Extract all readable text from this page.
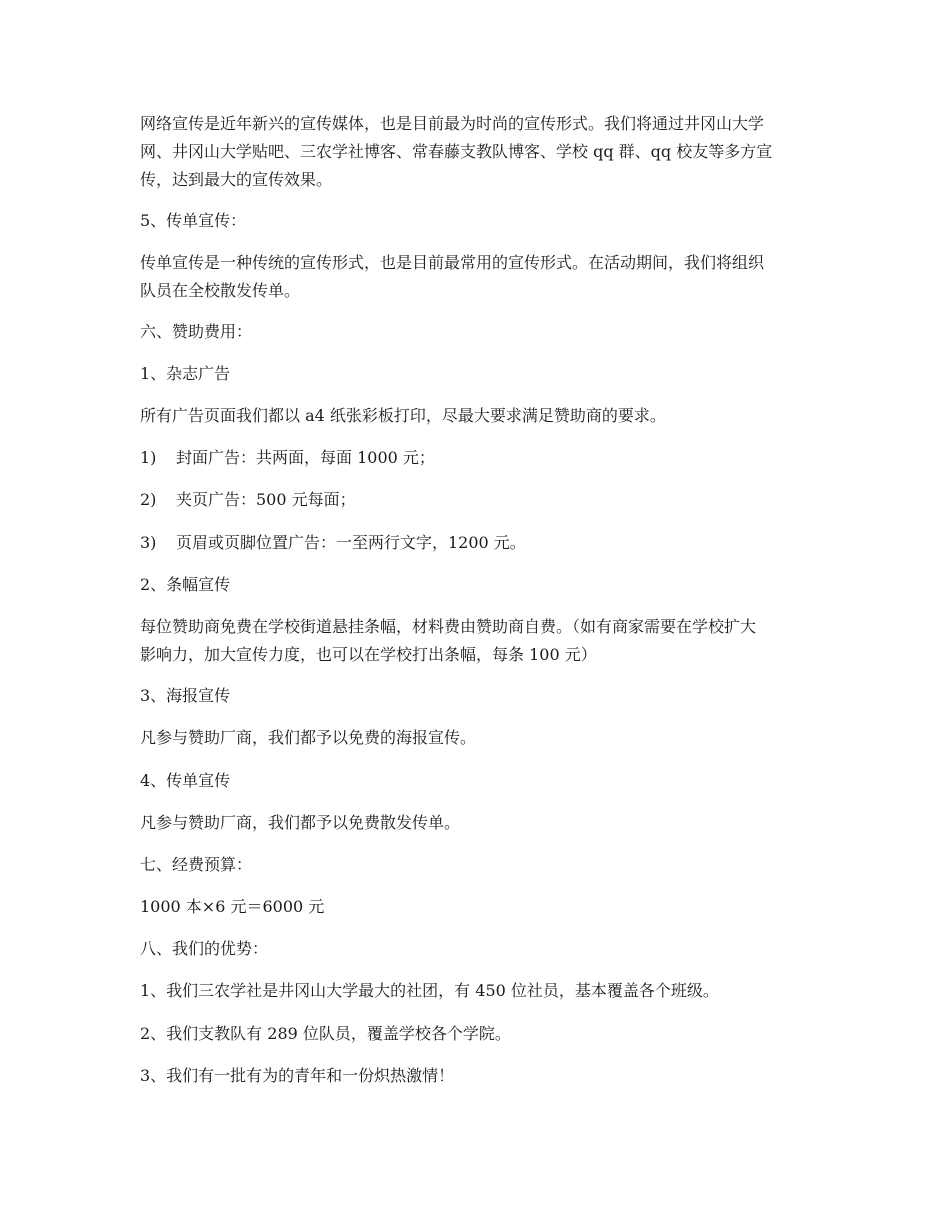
网络宣传是近年新兴的宣传媒体，也是目前最为时尚的宣传形式。我们将通过井冈山大学

网、井冈山大学贴吧、三农学社博客、常春藤支教队博客、学校 qq 群、qq 校友等多方宣

传，达到最大的宣传效果。

5、传单宣传：

传单宣传是一种传统的宣传形式，也是目前最常用的宣传形式。在活动期间，我们将组织

队员在全校散发传单。

六、赞助费用：

1、杂志广告

所有广告页面我们都以 a4 纸张彩板打印，尽最大要求满足赞助商的要求。

1) 封面广告：共两面，每面 1000 元；

2) 夹页广告：500 元每面；

3) 页眉或页脚位置广告：一至两行文字，1200 元。

2、条幅宣传

每位赞助商免费在学校街道悬挂条幅，材料费由赞助商自费。（如有商家需要在学校扩大

影响力，加大宣传力度，也可以在学校打出条幅，每条 100 元）

3、海报宣传

凡参与赞助厂商，我们都予以免费的海报宣传。

4、传单宣传

凡参与赞助厂商，我们都予以免费散发传单。

七、经费预算：

1000 本×6 元＝6000 元

八、我们的优势：

1、我们三农学社是井冈山大学最大的社团，有 450 位社员，基本覆盖各个班级。

2、我们支教队有 289 位队员，覆盖学校各个学院。

3、我们有一批有为的青年和一份炽热激情！
